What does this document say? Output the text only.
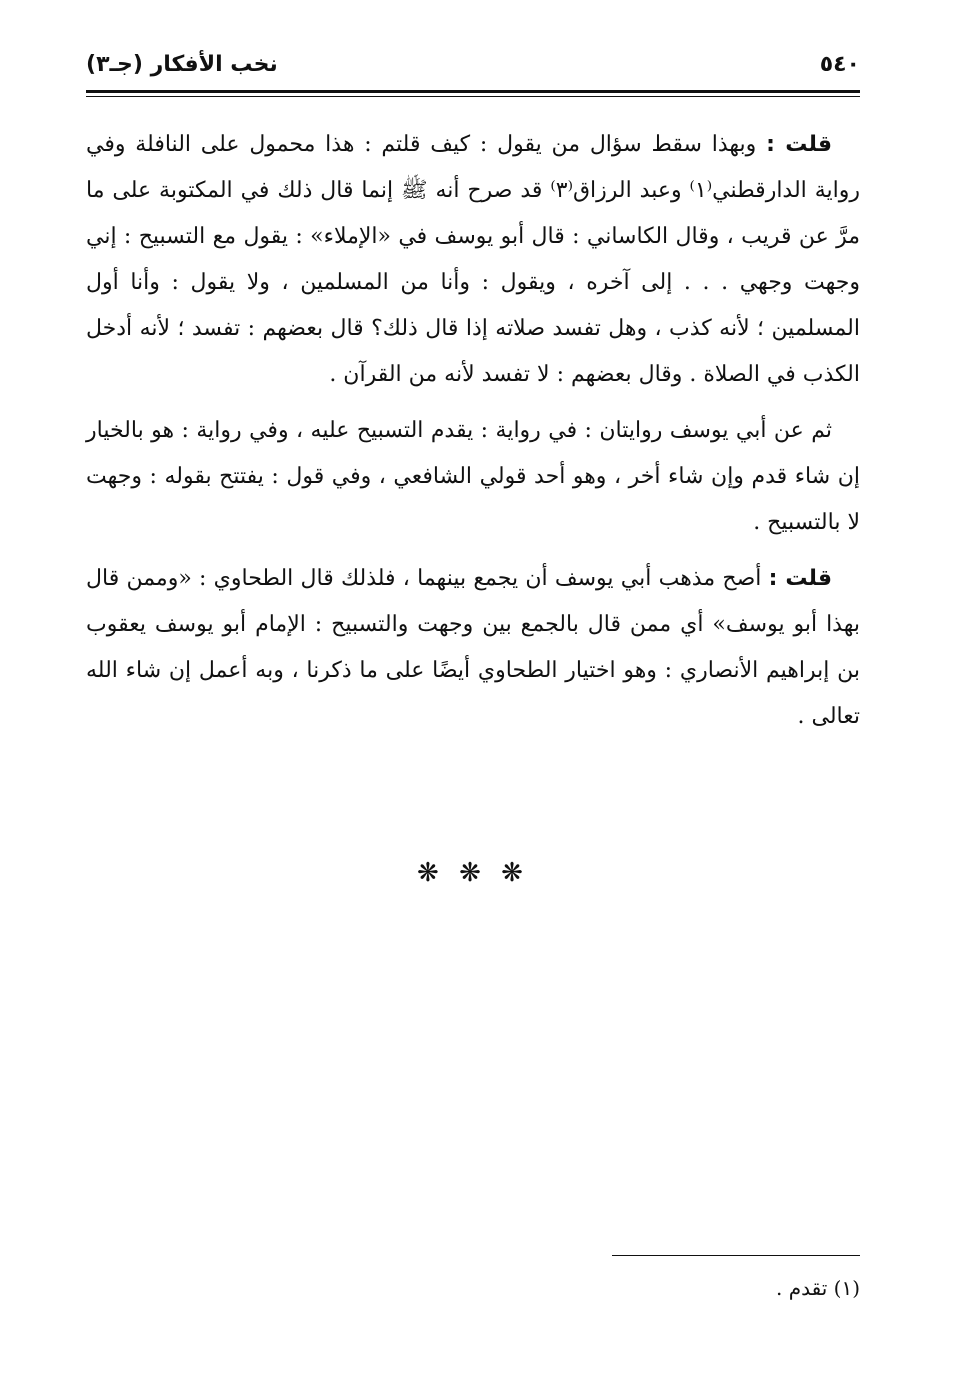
٥٤٠
نخب الأفكار (جـ٣)

قلت : وبهذا سقط سؤال من يقول : كيف قلتم : هذا محمول على النافلة وفي رواية الدارقطني⁽١⁾ وعبد الرزاق⁽٣⁾ قد صرح أنه ﷺ إنما قال ذلك في المكتوبة على ما مرَّ عن قريب ، وقال الكاساني : قال أبو يوسف في «الإملاء» : يقول مع التسبيح : إني وجهت وجهي . . . إلى آخره ، ويقول : وأنا من المسلمين ، ولا يقول : وأنا أول المسلمين ؛ لأنه كذب ، وهل تفسد صلاته إذا قال ذلك؟ قال بعضهم : تفسد ؛ لأنه أدخل الكذب في الصلاة . وقال بعضهم : لا تفسد لأنه من القرآن .

ثم عن أبي يوسف روايتان : في رواية : يقدم التسبيح عليه ، وفي رواية : هو بالخيار إن شاء قدم وإن شاء أخر ، وهو أحد قولي الشافعي ، وفي قول : يفتتح بقوله : وجهت لا بالتسبيح .

قلت : أصح مذهب أبي يوسف أن يجمع بينهما ، فلذلك قال الطحاوي : «وممن قال بهذا أبو يوسف» أي ممن قال بالجمع بين وجهت والتسبيح : الإمام أبو يوسف يعقوب بن إبراهيم الأنصاري : وهو اختيار الطحاوي أيضًا على ما ذكرنا ، وبه أعمل إن شاء الله تعالى .

❋ ❋ ❋
(١) تقدم .
